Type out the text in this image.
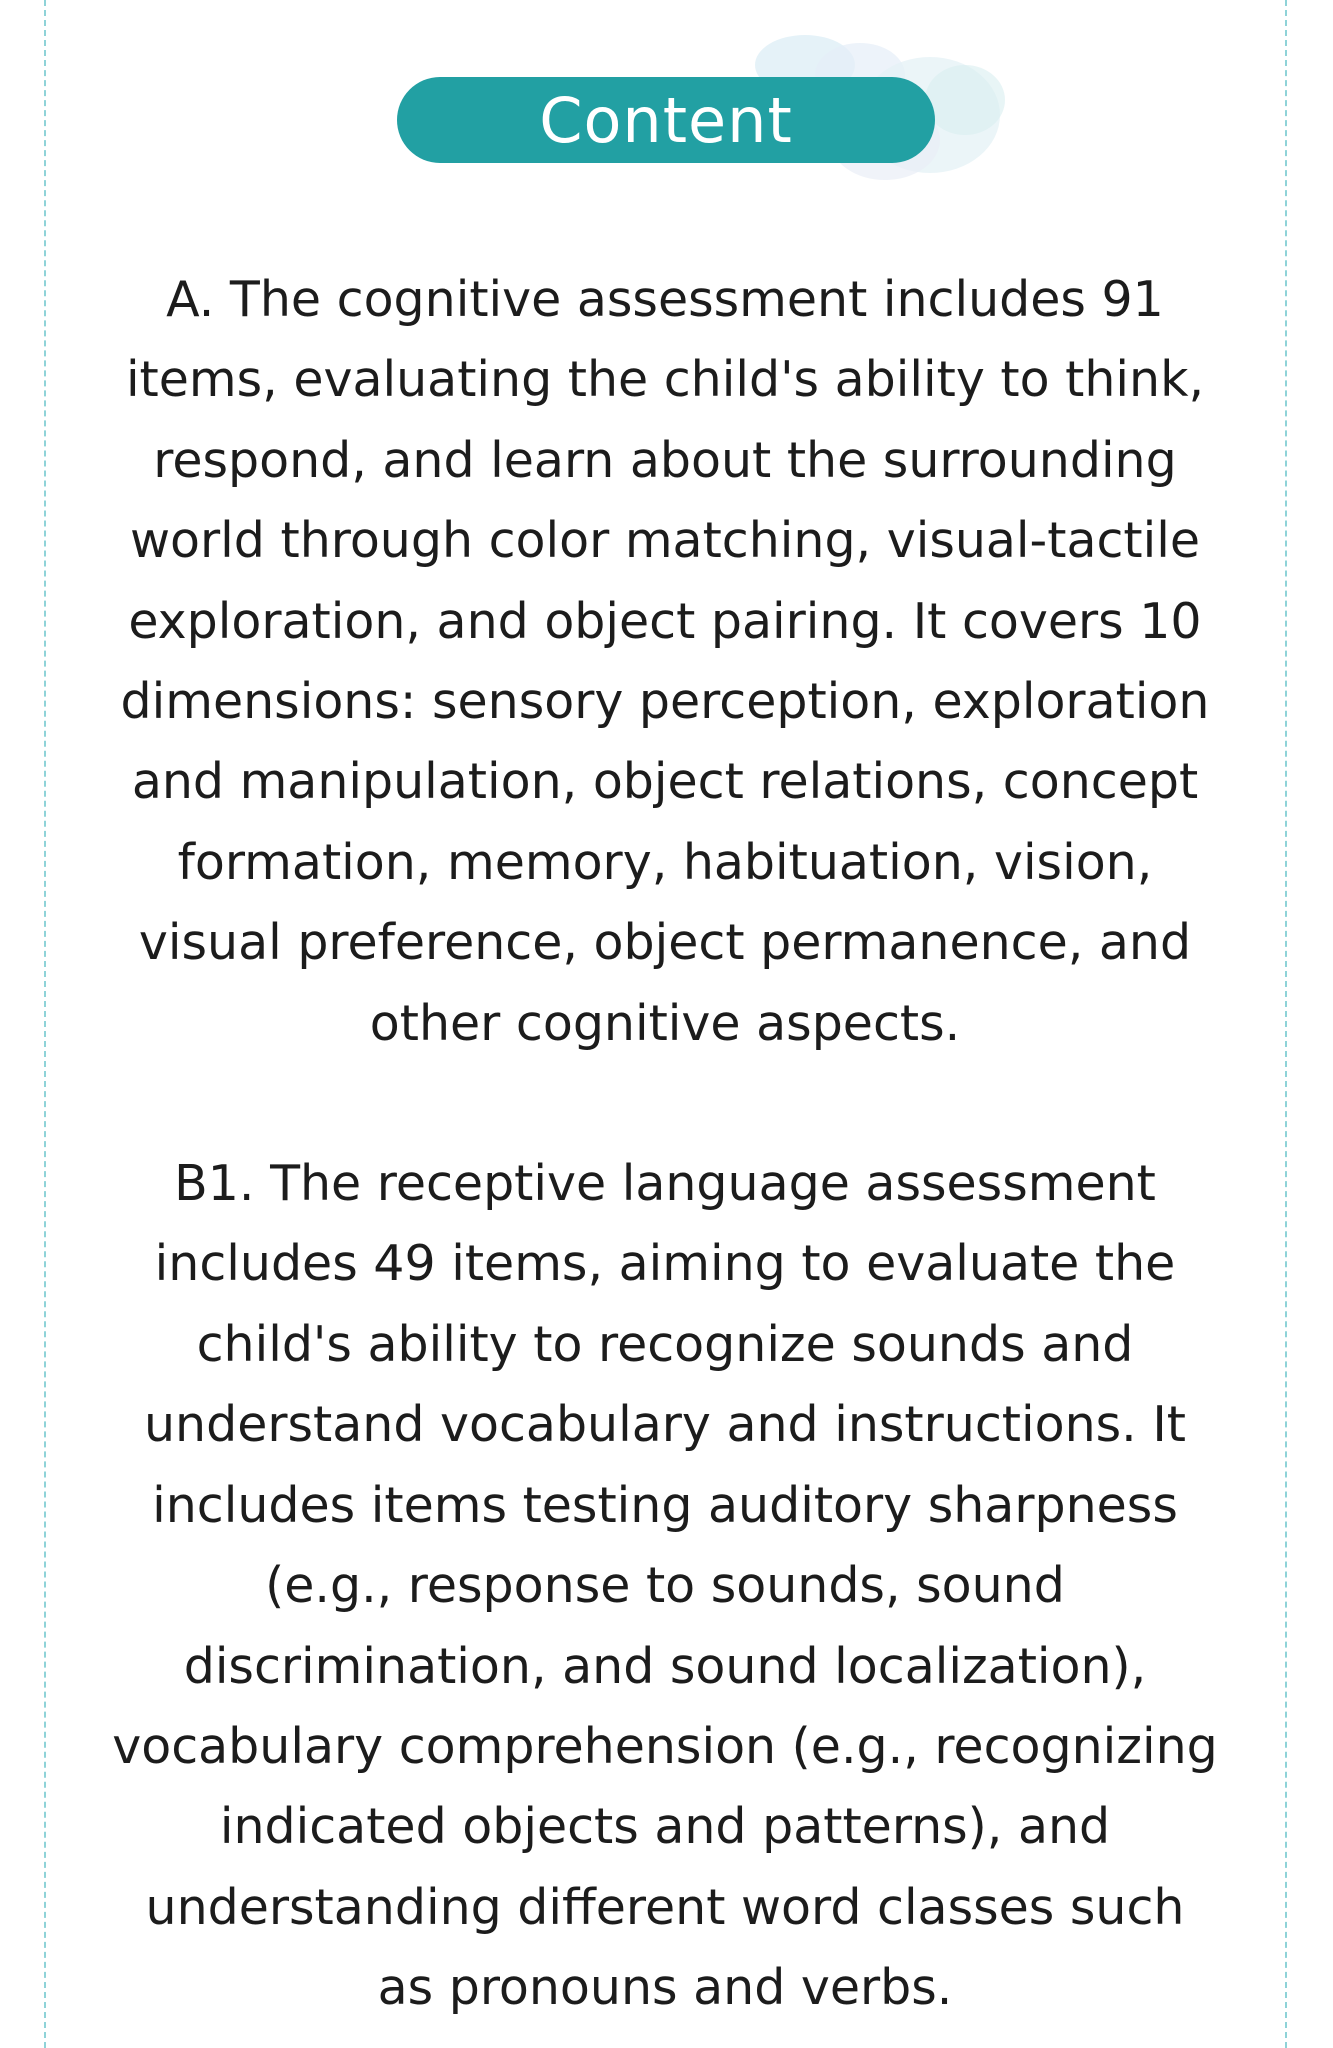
Content

A. The cognitive assessment includes 91 items, evaluating the child's ability to think, respond, and learn about the surrounding world through color matching, visual-tactile exploration, and object pairing. It covers 10 dimensions: sensory perception, exploration and manipulation, object relations, concept formation, memory, habituation, vision, visual preference, object permanence, and other cognitive aspects.

B1. The receptive language assessment includes 49 items, aiming to evaluate the child's ability to recognize sounds and understand vocabulary and instructions. It includes items testing auditory sharpness (e.g., response to sounds, sound discrimination, and sound localization), vocabulary comprehension (e.g., recognizing indicated objects and patterns), and understanding different word classes such as pronouns and verbs.
